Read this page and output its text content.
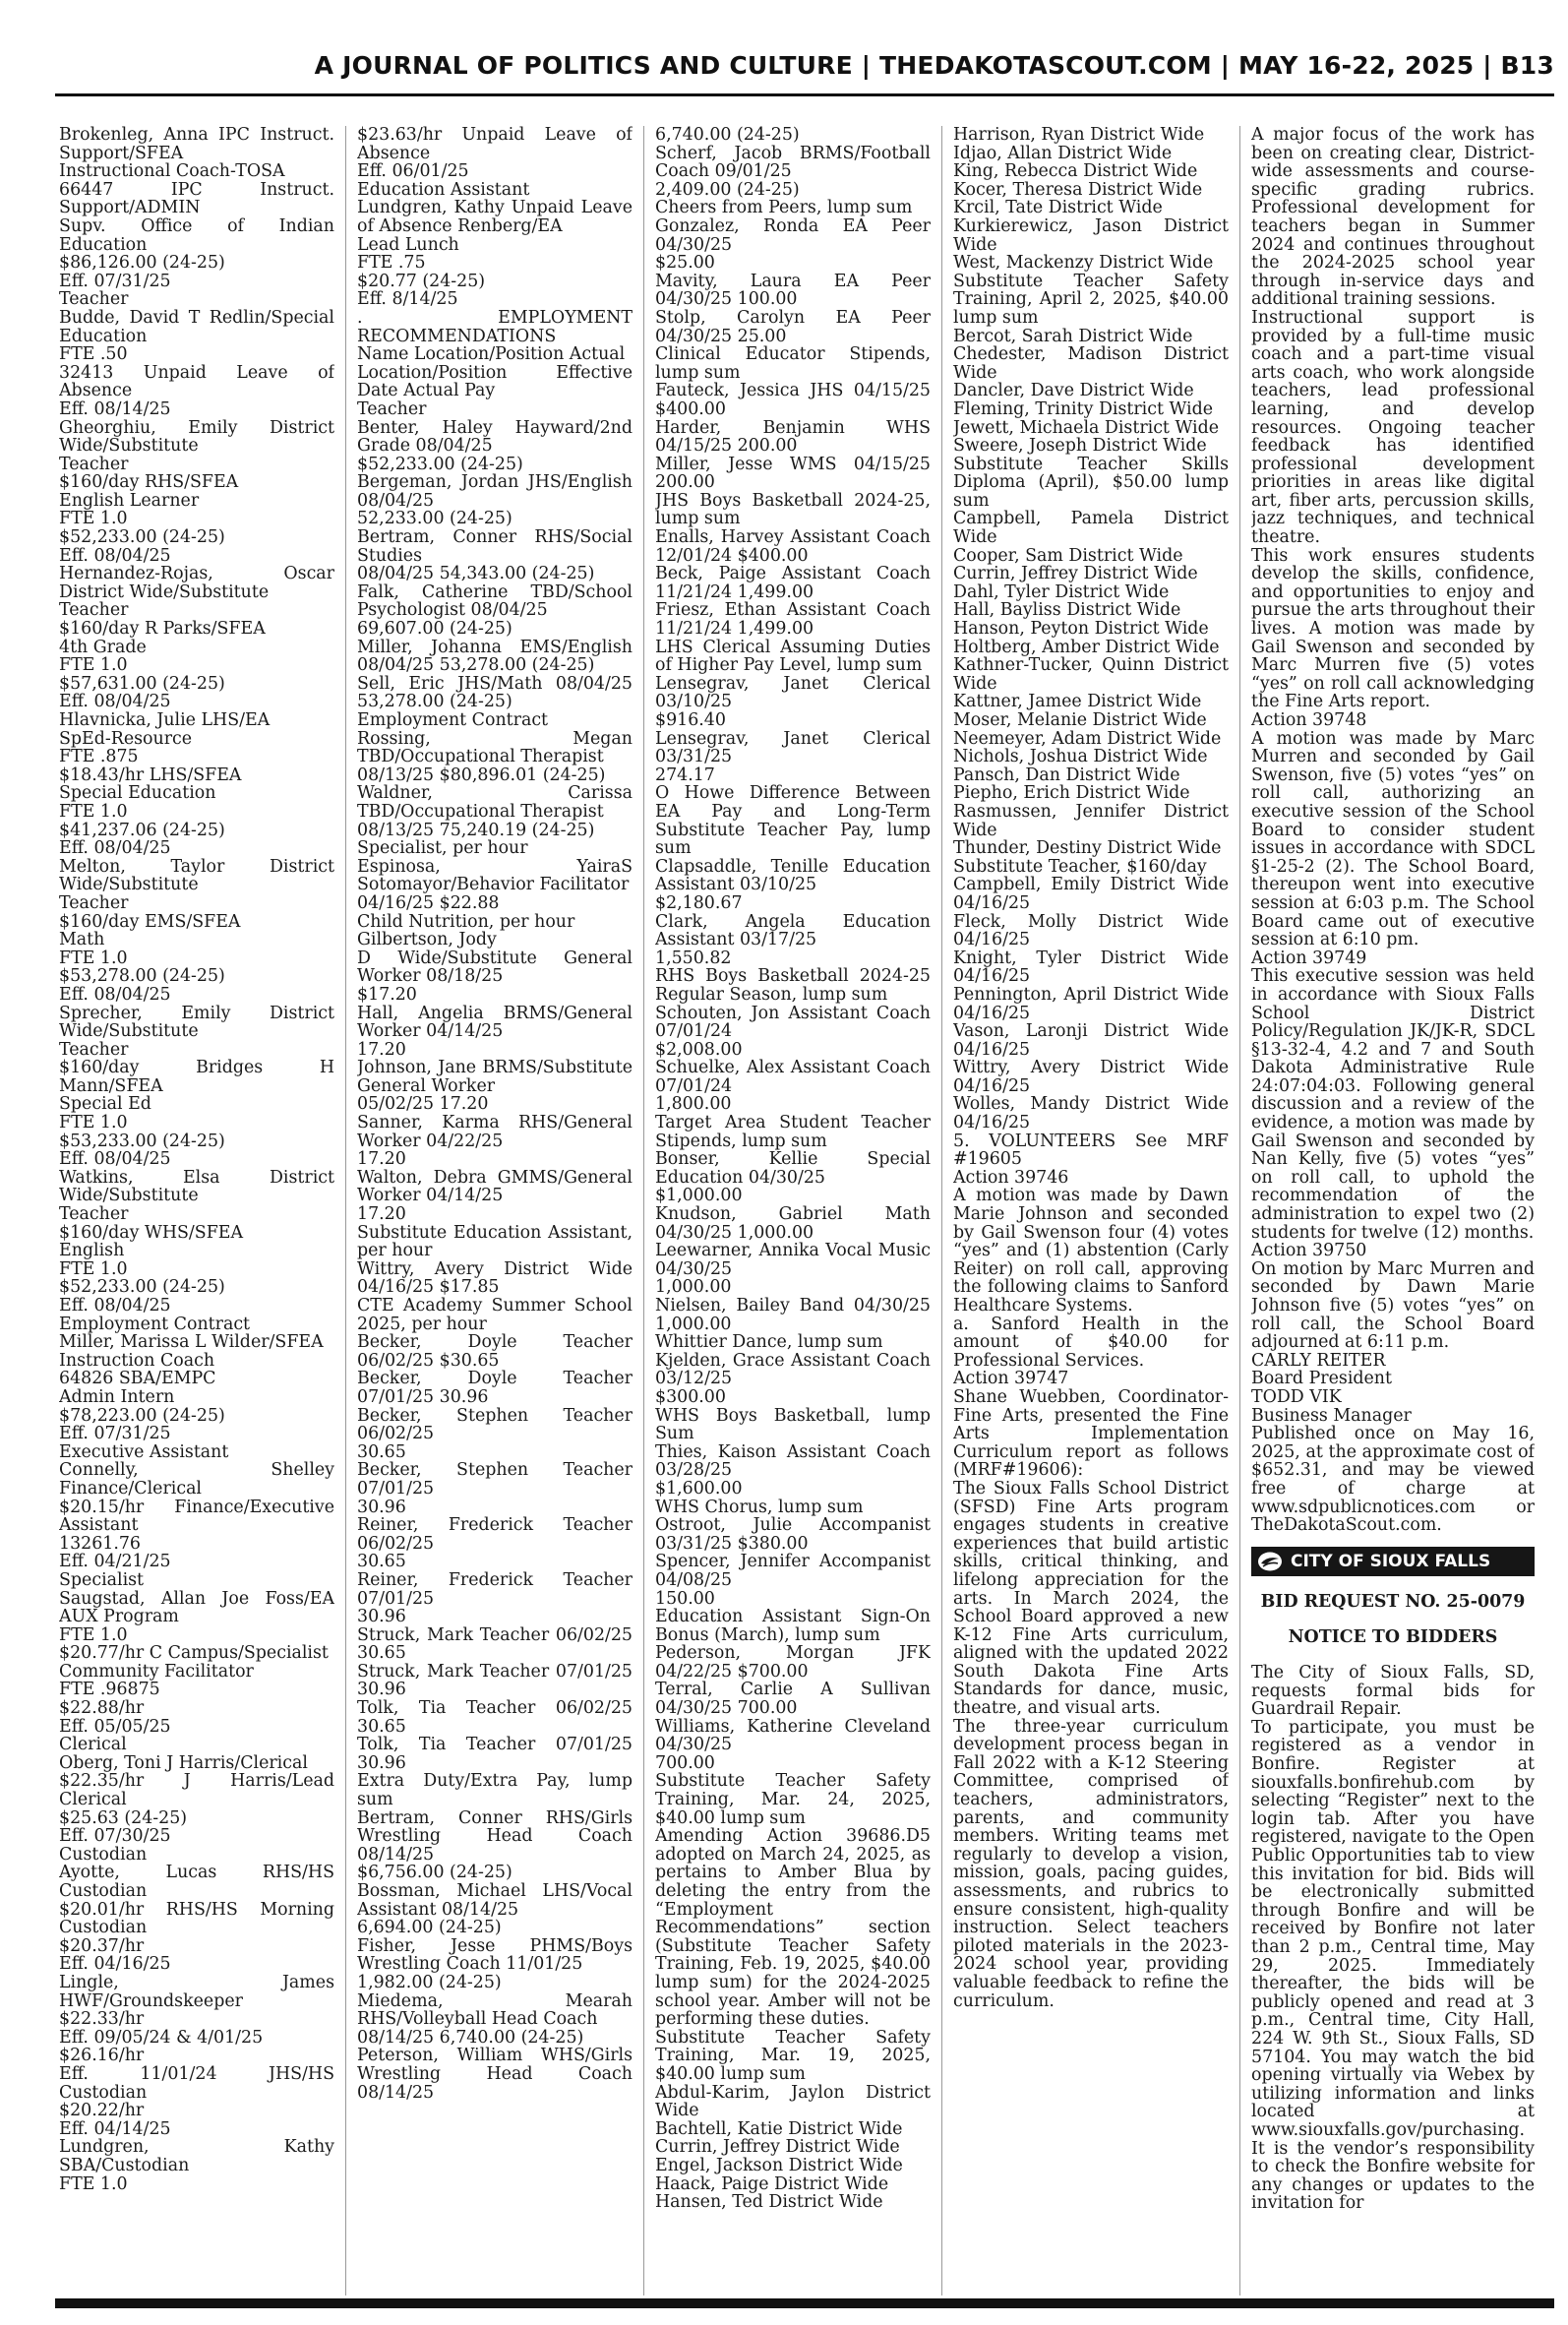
A JOURNAL OF POLITICS AND CULTURE | THEDAKOTASCOUT.COM | MAY 16-22, 2025 | B13

Brokenleg, Anna IPC Instruct. Support/SFEA

Instructional Coach-TOSA

66447 IPC Instruct. Support/ADMIN

Supv. Office of Indian Education

$86,126.00 (24-25)

Eff. 07/31/25

Teacher

Budde, David T Redlin/Special Education

FTE .50

32413 Unpaid Leave of Absence

Eff. 08/14/25

Gheorghiu, Emily District Wide/Substitute

Teacher

$160/day RHS/SFEA

English Learner

FTE 1.0

$52,233.00 (24-25)

Eff. 08/04/25

Hernandez-Rojas, Oscar District Wide/Substitute

Teacher

$160/day R Parks/SFEA

4th Grade

FTE 1.0

$57,631.00 (24-25)

Eff. 08/04/25

Hlavnicka, Julie LHS/EA

SpEd-Resource

FTE .875

$18.43/hr LHS/SFEA

Special Education

FTE 1.0

$41,237.06 (24-25)

Eff. 08/04/25

Melton, Taylor District Wide/Substitute

Teacher

$160/day EMS/SFEA

Math

FTE 1.0

$53,278.00 (24-25)

Eff. 08/04/25

Sprecher, Emily District Wide/Substitute

Teacher

$160/day Bridges H Mann/SFEA

Special Ed

FTE 1.0

$53,233.00 (24-25)

Eff. 08/04/25

Watkins, Elsa District Wide/Substitute

Teacher

$160/day WHS/SFEA

English

FTE 1.0

$52,233.00 (24-25)

Eff. 08/04/25

Employment Contract

Miller, Marissa L Wilder/SFEA

Instruction Coach

64826 SBA/EMPC

Admin Intern

$78,223.00 (24-25)

Eff. 07/31/25

Executive Assistant

Connelly, Shelley Finance/Clerical

$20.15/hr Finance/Executive Assistant

13261.76

Eff. 04/21/25

Specialist

Saugstad, Allan Joe Foss/EA AUX Program

FTE 1.0

$20.77/hr C Campus/Specialist

Community Facilitator

FTE .96875

$22.88/hr

Eff. 05/05/25

Clerical

Oberg, Toni J Harris/Clerical

$22.35/hr J Harris/Lead Clerical

$25.63 (24-25)

Eff. 07/30/25

Custodian

Ayotte, Lucas RHS/HS Custodian

$20.01/hr RHS/HS Morning Custodian

$20.37/hr

Eff. 04/16/25

Lingle, James HWF/Groundskeeper

$22.33/hr

Eff. 09/05/24 & 4/01/25

$26.16/hr

Eff. 11/01/24 JHS/HS Custodian

$20.22/hr

Eff. 04/14/25

Lundgren, Kathy SBA/Custodian

FTE 1.0

$23.63/hr Unpaid Leave of Absence

Eff. 06/01/25

Education Assistant

Lundgren, Kathy Unpaid Leave of Absence Renberg/EA

Lead Lunch

FTE .75

$20.77 (24-25)

Eff. 8/14/25

. EMPLOYMENT RECOMMENDATIONS

Name Location/Position Actual

Location/Position Effective Date Actual Pay

Teacher

Benter, Haley Hayward/2nd Grade 08/04/25

$52,233.00 (24-25)

Bergeman, Jordan JHS/English 08/04/25

52,233.00 (24-25)

Bertram, Conner RHS/Social Studies

08/04/25 54,343.00 (24-25)

Falk, Catherine TBD/School Psychologist 08/04/25

69,607.00 (24-25)

Miller, Johanna EMS/English 08/04/25 53,278.00 (24-25)

Sell, Eric JHS/Math 08/04/25 53,278.00 (24-25)

Employment Contract

Rossing, Megan TBD/Occupational Therapist

08/13/25 $80,896.01 (24-25)

Waldner, Carissa TBD/Occupational Therapist

08/13/25 75,240.19 (24-25)

Specialist, per hour

Espinosa, YairaS Sotomayor/Behavior Facilitator

04/16/25 $22.88

Child Nutrition, per hour

Gilbertson, Jody

D Wide/Substitute General Worker 08/18/25

$17.20

Hall, Angelia BRMS/General Worker 04/14/25

17.20

Johnson, Jane BRMS/Substitute General Worker

05/02/25 17.20

Sanner, Karma RHS/General Worker 04/22/25

17.20

Walton, Debra GMMS/General Worker 04/14/25

17.20

Substitute Education Assistant, per hour

Wittry, Avery District Wide 04/16/25 $17.85

CTE Academy Summer School 2025, per hour

Becker, Doyle Teacher 06/02/25 $30.65

Becker, Doyle Teacher 07/01/25 30.96

Becker, Stephen Teacher 06/02/25

30.65

Becker, Stephen Teacher 07/01/25

30.96

Reiner, Frederick Teacher 06/02/25

30.65

Reiner, Frederick Teacher 07/01/25

30.96

Struck, Mark Teacher 06/02/25 30.65

Struck, Mark Teacher 07/01/25 30.96

Tolk, Tia Teacher 06/02/25 30.65

Tolk, Tia Teacher 07/01/25 30.96

Extra Duty/Extra Pay, lump sum

Bertram, Conner RHS/Girls Wrestling Head Coach 08/14/25

$6,756.00 (24-25)

Bossman, Michael LHS/Vocal Assistant 08/14/25

6,694.00 (24-25)

Fisher, Jesse PHMS/Boys Wrestling Coach 11/01/25

1,982.00 (24-25)

Miedema, Mearah RHS/Volleyball Head Coach

08/14/25 6,740.00 (24-25)

Peterson, William WHS/Girls Wrestling Head Coach 08/14/25

6,740.00 (24-25)

Scherf, Jacob BRMS/Football Coach 09/01/25

2,409.00 (24-25)

Cheers from Peers, lump sum

Gonzalez, Ronda EA Peer 04/30/25

$25.00

Mavity, Laura EA Peer 04/30/25 100.00

Stolp, Carolyn EA Peer 04/30/25 25.00

Clinical Educator Stipends, lump sum

Fauteck, Jessica JHS 04/15/25 $400.00

Harder, Benjamin WHS 04/15/25 200.00

Miller, Jesse WMS 04/15/25 200.00

JHS Boys Basketball 2024-25, lump sum

Enalls, Harvey Assistant Coach 12/01/24 $400.00

Beck, Paige Assistant Coach 11/21/24 1,499.00

Friesz, Ethan Assistant Coach 11/21/24 1,499.00

LHS Clerical Assuming Duties of Higher Pay Level, lump sum

Lensegrav, Janet Clerical 03/10/25

$916.40

Lensegrav, Janet Clerical 03/31/25

274.17

O Howe Difference Between EA Pay and Long-Term Substitute Teacher Pay, lump sum

Clapsaddle, Tenille Education Assistant 03/10/25

$2,180.67

Clark, Angela Education Assistant 03/17/25

1,550.82

RHS Boys Basketball 2024-25 Regular Season, lump sum

Schouten, Jon Assistant Coach 07/01/24

$2,008.00

Schuelke, Alex Assistant Coach 07/01/24

1,800.00

Target Area Student Teacher Stipends, lump sum

Bonser, Kellie Special Education 04/30/25

$1,000.00

Knudson, Gabriel Math 04/30/25 1,000.00

Leewarner, Annika Vocal Music 04/30/25

1,000.00

Nielsen, Bailey Band 04/30/25 1,000.00

Whittier Dance, lump sum

Kjelden, Grace Assistant Coach 03/12/25

$300.00

WHS Boys Basketball, lump Sum

Thies, Kaison Assistant Coach 03/28/25

$1,600.00

WHS Chorus, lump sum

Ostroot, Julie Accompanist 03/31/25 $380.00

Spencer, Jennifer Accompanist 04/08/25

150.00

Education Assistant Sign-On Bonus (March), lump sum

Pederson, Morgan JFK 04/22/25 $700.00

Terral, Carlie A Sullivan 04/30/25 700.00

Williams, Katherine Cleveland 04/30/25

700.00

Substitute Teacher Safety Training, Mar. 24, 2025, $40.00 lump sum

Amending Action 39686.D5 adopted on March 24, 2025, as pertains to Amber Blua by deleting the entry from the “Employment Recommendations” section (Substitute Teacher Safety Training, Feb. 19, 2025, $40.00 lump sum) for the 2024-2025 school year. Amber will not be performing these duties.

Substitute Teacher Safety Training, Mar. 19, 2025, $40.00 lump sum

Abdul-Karim, Jaylon District Wide

Bachtell, Katie District Wide

Currin, Jeffrey District Wide

Engel, Jackson District Wide

Haack, Paige District Wide

Hansen, Ted District Wide

Harrison, Ryan District Wide

Idjao, Allan District Wide

King, Rebecca District Wide

Kocer, Theresa District Wide

Krcil, Tate District Wide

Kurkierewicz, Jason District Wide

West, Mackenzy District Wide

Substitute Teacher Safety Training, April 2, 2025, $40.00 lump sum

Bercot, Sarah District Wide

Chedester, Madison District Wide

Dancler, Dave District Wide

Fleming, Trinity District Wide

Jewett, Michaela District Wide

Sweere, Joseph District Wide

Substitute Teacher Skills Diploma (April), $50.00 lump sum

Campbell, Pamela District Wide

Cooper, Sam District Wide

Currin, Jeffrey District Wide

Dahl, Tyler District Wide

Hall, Bayliss District Wide

Hanson, Peyton District Wide

Holtberg, Amber District Wide

Kathner-Tucker, Quinn District Wide

Kattner, Jamee District Wide

Moser, Melanie District Wide

Neemeyer, Adam District Wide

Nichols, Joshua District Wide

Pansch, Dan District Wide

Piepho, Erich District Wide

Rasmussen, Jennifer District Wide

Thunder, Destiny District Wide

Substitute Teacher, $160/day

Campbell, Emily District Wide 04/16/25

Fleck, Molly District Wide 04/16/25

Knight, Tyler District Wide 04/16/25

Pennington, April District Wide 04/16/25

Vason, Laronji District Wide 04/16/25

Wittry, Avery District Wide 04/16/25

Wolles, Mandy District Wide 04/16/25

5. VOLUNTEERS See MRF #19605

Action 39746

A motion was made by Dawn Marie Johnson and seconded by Gail Swenson four (4) votes “yes” and (1) abstention (Carly Reiter) on roll call, approving the following claims to Sanford Healthcare Systems.

a. Sanford Health in the amount of $40.00 for Professional Services.

Action 39747

Shane Wuebben, Coordinator-Fine Arts, presented the Fine Arts Implementation Curriculum report as follows (MRF#19606):

The Sioux Falls School District (SFSD) Fine Arts program engages students in creative experiences that build artistic skills, critical thinking, and lifelong appreciation for the arts. In March 2024, the School Board approved a new K-12 Fine Arts curriculum, aligned with the updated 2022 South Dakota Fine Arts Standards for dance, music, theatre, and visual arts.

The three-year curriculum development process began in Fall 2022 with a K-12 Steering Committee, comprised of teachers, administrators, parents, and community members. Writing teams met regularly to develop a vision, mission, goals, pacing guides, assessments, and rubrics to ensure consistent, high-quality instruction. Select teachers piloted materials in the 2023-2024 school year, providing valuable feedback to refine the curriculum.

A major focus of the work has been on creating clear, District-wide assessments and course-specific grading rubrics. Professional development for teachers began in Summer 2024 and continues throughout the 2024-2025 school year through in-service days and additional training sessions.

Instructional support is provided by a full-time music coach and a part-time visual arts coach, who work alongside teachers, lead professional learning, and develop resources. Ongoing teacher feedback has identified professional development priorities in areas like digital art, fiber arts, percussion skills, jazz techniques, and technical theatre.

This work ensures students develop the skills, confidence, and opportunities to enjoy and pursue the arts throughout their lives. A motion was made by Gail Swenson and seconded by Marc Murren five (5) votes “yes” on roll call acknowledging the Fine Arts report.

Action 39748

A motion was made by Marc Murren and seconded by Gail Swenson, five (5) votes “yes” on roll call, authorizing an executive session of the School Board to consider student issues in accordance with SDCL §1-25-2 (2). The School Board, thereupon went into executive session at 6:03 p.m. The School Board came out of executive session at 6:10 pm.

Action 39749

This executive session was held in accordance with Sioux Falls School District Policy/Regulation JK/JK-R, SDCL §13-32-4, 4.2 and 7 and South Dakota Administrative Rule 24:07:04:03. Following general discussion and a review of the evidence, a motion was made by Gail Swenson and seconded by Nan Kelly, five (5) votes “yes” on roll call, to uphold the recommendation of the administration to expel two (2) students for twelve (12) months.

Action 39750

On motion by Marc Murren and seconded by Dawn Marie Johnson five (5) votes “yes” on roll call, the School Board adjourned at 6:11 p.m.

CARLY REITER

Board President

TODD VIK

Business Manager

Published once on May 16, 2025, at the approximate cost of $652.31, and may be viewed free of charge at www.sdpublicnotices.com or TheDakotaScout.com.

CITY OF SIOUX FALLS

BID REQUEST NO. 25-0079

NOTICE TO BIDDERS

The City of Sioux Falls, SD, requests formal bids for Guardrail Repair.

To participate, you must be registered as a vendor in Bonfire. Register at siouxfalls.bonfirehub.com by selecting “Register” next to the login tab. After you have registered, navigate to the Open Public Opportunities tab to view this invitation for bid. Bids will be electronically submitted through Bonfire and will be received by Bonfire not later than 2 p.m., Central time, May 29, 2025. Immediately thereafter, the bids will be publicly opened and read at 3 p.m., Central time, City Hall, 224 W. 9th St., Sioux Falls, SD 57104. You may watch the bid opening virtually via Webex by utilizing information and links located at www.siouxfalls.gov/purchasing.

It is the vendor’s responsibility to check the Bonfire website for any changes or updates to the invitation for
